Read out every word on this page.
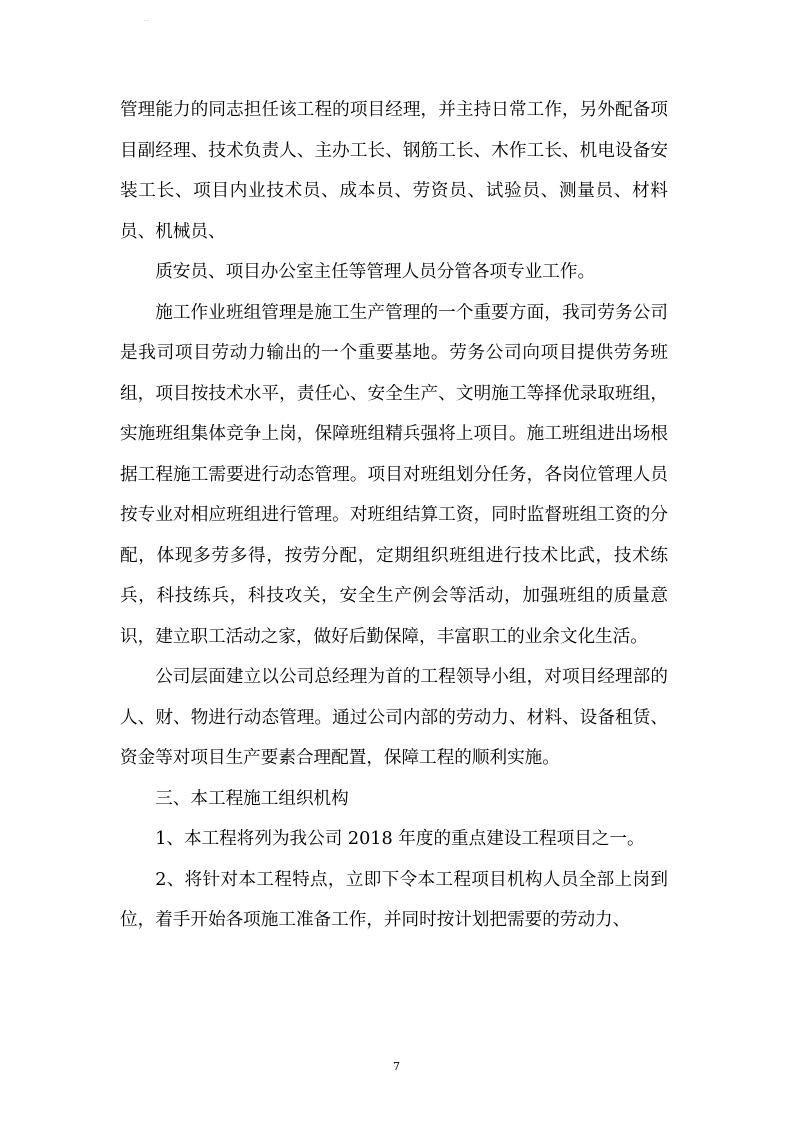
..

管理能力的同志担任该工程的项目经理，并主持日常工作，另外配备项目副经理、技术负责人、主办工长、钢筋工长、木作工长、机电设备安装工长、项目内业技术员、成本员、劳资员、试验员、测量员、材料员、机械员、

质安员、项目办公室主任等管理人员分管各项专业工作。

施工作业班组管理是施工生产管理的一个重要方面，我司劳务公司是我司项目劳动力输出的一个重要基地。劳务公司向项目提供劳务班组，项目按技术水平，责任心、安全生产、文明施工等择优录取班组，实施班组集体竞争上岗，保障班组精兵强将上项目。施工班组进出场根据工程施工需要进行动态管理。项目对班组划分任务，各岗位管理人员按专业对相应班组进行管理。对班组结算工资，同时监督班组工资的分配，体现多劳多得，按劳分配，定期组织班组进行技术比武，技术练兵，科技练兵，科技攻关，安全生产例会等活动，加强班组的质量意识，建立职工活动之家，做好后勤保障，丰富职工的业余文化生活。

公司层面建立以公司总经理为首的工程领导小组，对项目经理部的人、财、物进行动态管理。通过公司内部的劳动力、材料、设备租赁、资金等对项目生产要素合理配置，保障工程的顺利实施。

三、本工程施工组织机构

1、本工程将列为我公司 2018 年度的重点建设工程项目之一。

2、将针对本工程特点，立即下令本工程项目机构人员全部上岗到位，着手开始各项施工准备工作，并同时按计划把需要的劳动力、

7
